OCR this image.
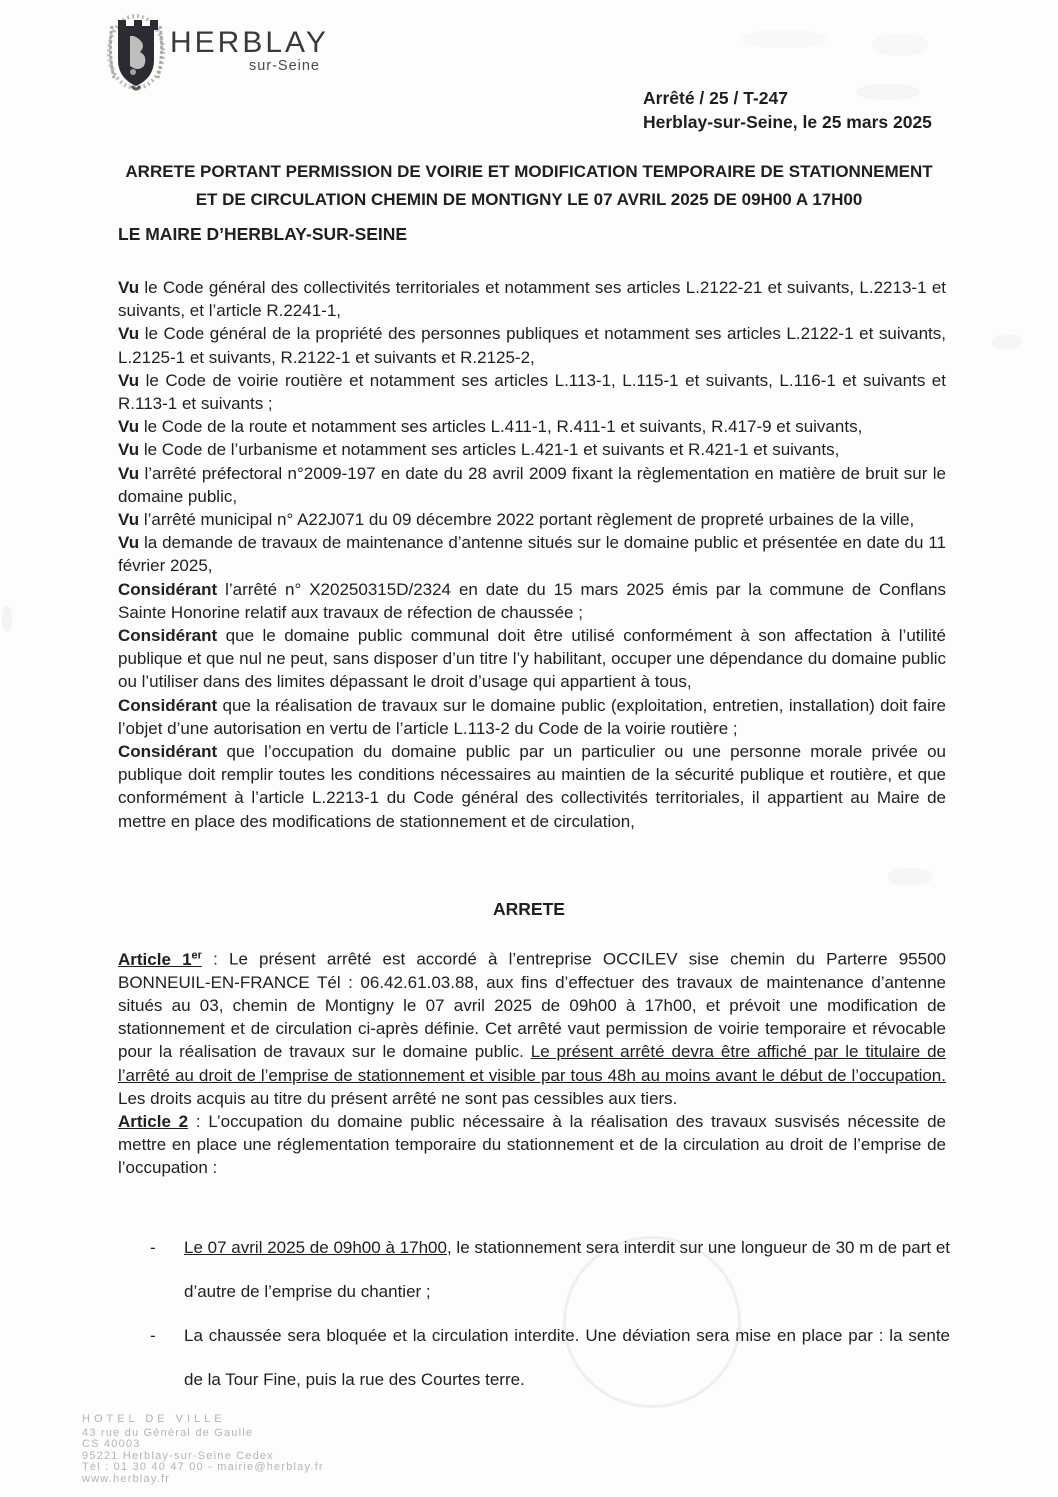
HERBLAY
sur-Seine
Arrêté / 25 / T-247
Herblay-sur-Seine, le 25 mars 2025
ARRETE PORTANT PERMISSION DE VOIRIE ET MODIFICATION TEMPORAIRE DE STATIONNEMENT
ET DE CIRCULATION CHEMIN DE MONTIGNY LE 07 AVRIL 2025 DE 09H00 A 17H00
LE MAIRE D’HERBLAY-SUR-SEINE

Vu le Code général des collectivités territoriales et notamment ses articles L.2122-21 et suivants, L.2213-1 et suivants, et l’article R.2241-1,

Vu le Code général de la propriété des personnes publiques et notamment ses articles L.2122-1 et suivants, L.2125-1 et suivants, R.2122-1 et suivants et R.2125-2,

Vu le Code de voirie routière et notamment ses articles L.113-1, L.115-1 et suivants, L.116-1 et suivants et R.113-1 et suivants ;

Vu le Code de la route et notamment ses articles L.411-1, R.411-1 et suivants, R.417-9 et suivants,

Vu le Code de l’urbanisme et notamment ses articles L.421-1 et suivants et R.421-1 et suivants,

Vu l’arrêté préfectoral n°2009-197 en date du 28 avril 2009 fixant la règlementation en matière de bruit sur le domaine public,

Vu l’arrêté municipal n° A22J071 du 09 décembre 2022 portant règlement de propreté urbaines de la ville,

Vu la demande de travaux de maintenance d’antenne situés sur le domaine public et présentée en date du 11 février 2025,

Considérant l’arrêté n° X20250315D/2324 en date du 15 mars 2025 émis par la commune de Conflans Sainte Honorine relatif aux travaux de réfection de chaussée ;

Considérant que le domaine public communal doit être utilisé conformément à son affectation à l’utilité publique et que nul ne peut, sans disposer d’un titre l’y habilitant, occuper une dépendance du domaine public ou l’utiliser dans des limites dépassant le droit d’usage qui appartient à tous,

Considérant que la réalisation de travaux sur le domaine public (exploitation, entretien, installation) doit faire l’objet d’une autorisation en vertu de l’article L.113-2 du Code de la voirie routière ;

Considérant que l’occupation du domaine public par un particulier ou une personne morale privée ou publique doit remplir toutes les conditions nécessaires au maintien de la sécurité publique et routière, et que conformément à l’article L.2213-1 du Code général des collectivités territoriales, il appartient au Maire de mettre en place des modifications de stationnement et de circulation,

ARRETE

Article 1er : Le présent arrêté est accordé à l’entreprise OCCILEV sise chemin du Parterre 95500 BONNEUIL-EN-FRANCE Tél : 06.42.61.03.88, aux fins d’effectuer des travaux de maintenance d’antenne situés au 03, chemin de Montigny le 07 avril 2025 de 09h00 à 17h00, et prévoit une modification de stationnement et de circulation ci-après définie. Cet arrêté vaut permission de voirie temporaire et révocable pour la réalisation de travaux sur le domaine public. Le présent arrêté devra être affiché par le titulaire de l’arrêté au droit de l’emprise de stationnement et visible par tous 48h au moins avant le début de l’occupation. Les droits acquis au titre du présent arrêté ne sont pas cessibles aux tiers.

Article 2 : L’occupation du domaine public nécessaire à la réalisation des travaux susvisés nécessite de mettre en place une réglementation temporaire du stationnement et de la circulation au droit de l’emprise de l’occupation :

-	Le 07 avril 2025 de 09h00 à 17h00, le stationnement sera interdit sur une longueur de 30 m de part et d’autre de l’emprise du chantier ;
-	La chaussée sera bloquée et la circulation interdite. Une déviation sera mise en place par : la sente de la Tour Fine, puis la rue des Courtes terre.
HOTEL DE VILLE
43 rue du Général de Gaulle
CS 40003
95221 Herblay-sur-Seine Cedex
Tél : 01 30 40 47 00 - mairie@herblay.fr
www.herblay.fr
